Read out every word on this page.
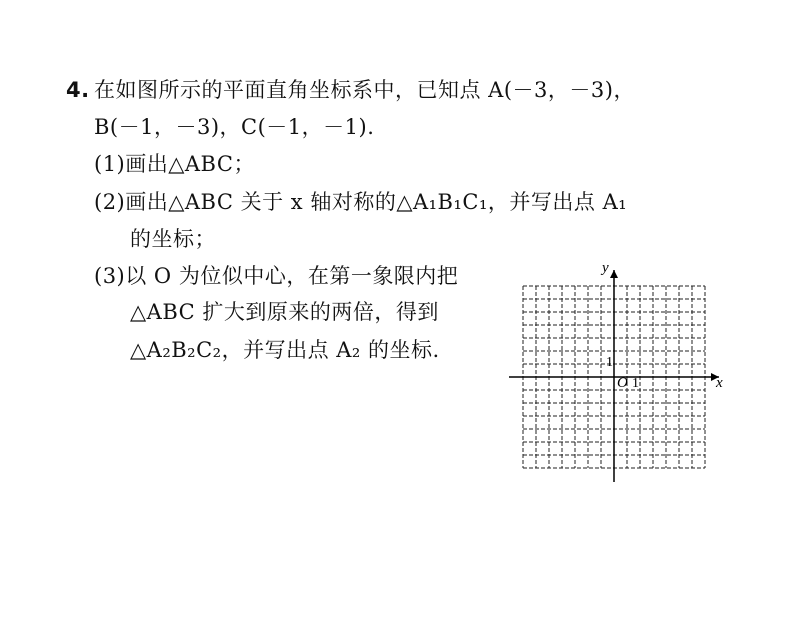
4. 在如图所示的平面直角坐标系中，已知点 A(－3，－3)，
B(－1，－3)，C(－1，－1).
(1)画出△ABC；
(2)画出△ABC 关于 x 轴对称的△A₁B₁C₁，并写出点 A₁
的坐标；
(3)以 O 为位似中心，在第一象限内把
△ABC 扩大到原来的两倍，得到
△A₂B₂C₂，并写出点 A₂ 的坐标.
x
y
O 1
1
